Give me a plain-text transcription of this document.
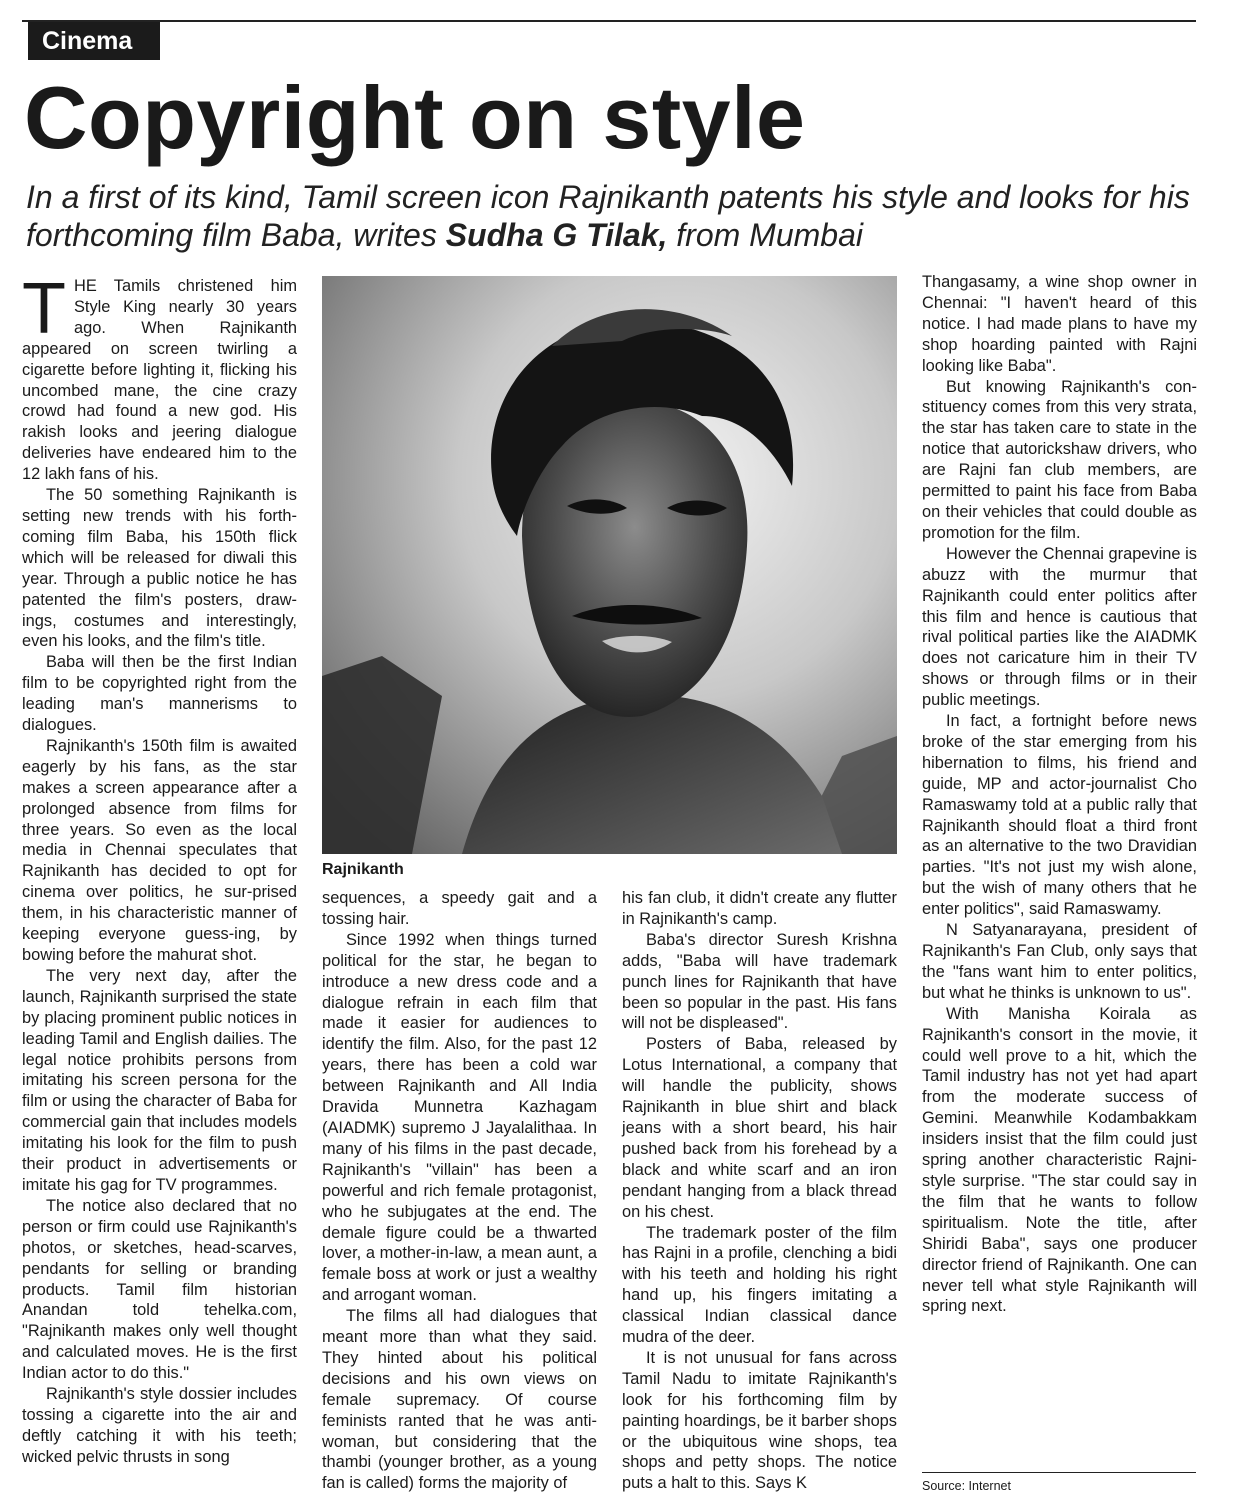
Cinema
Copyright on style

In a first of its kind, Tamil screen icon Rajnikanth patents his style and looks for his forthcoming film Baba, writes Sudha G Tilak, from Mumbai

THE Tamils christened him Style King nearly 30 years ago. When Rajnikanth appeared on screen twirling a cigarette before lighting it, flicking his uncombed mane, the cine crazy crowd had found a new god. His rakish looks and jeering dialogue deliveries have endeared him to the 12 lakh fans of his.

The 50 something Rajnikanth is setting new trends with his forth-coming film Baba, his 150th flick which will be released for diwali this year. Through a public notice he has patented the film's posters, draw-ings, costumes and interestingly, even his looks, and the film's title.

Baba will then be the first Indian film to be copyrighted right from the leading man's mannerisms to dialogues.

Rajnikanth's 150th film is awaited eagerly by his fans, as the star makes a screen appearance after a prolonged absence from films for three years. So even as the local media in Chennai speculates that Rajnikanth has decided to opt for cinema over politics, he sur-prised them, in his characteristic manner of keeping everyone guess-ing, by bowing before the mahurat shot.

The very next day, after the launch, Rajnikanth surprised the state by placing prominent public notices in leading Tamil and English dailies. The legal notice prohibits persons from imitating his screen persona for the film or using the character of Baba for commercial gain that includes models imitating his look for the film to push their product in advertisements or imitate his gag for TV programmes.

The notice also declared that no person or firm could use Rajnikanth's photos, or sketches, head-scarves, pendants for selling or branding products. Tamil film historian Anandan told tehelka.com, "Rajnikanth makes only well thought and calculated moves. He is the first Indian actor to do this."

Rajnikanth's style dossier includes tossing a cigarette into the air and deftly catching it with his teeth; wicked pelvic thrusts in song

Rajnikanth

sequences, a speedy gait and a tossing hair.

Since 1992 when things turned political for the star, he began to introduce a new dress code and a dialogue refrain in each film that made it easier for audiences to identify the film. Also, for the past 12 years, there has been a cold war between Rajnikanth and All India Dravida Munnetra Kazhagam (AIADMK) supremo J Jayalalithaa. In many of his films in the past decade, Rajnikanth's "villain" has been a powerful and rich female protagonist, who he subjugates at the end. The demale figure could be a thwarted lover, a mother-in-law, a mean aunt, a female boss at work or just a wealthy and arrogant woman.

The films all had dialogues that meant more than what they said. They hinted about his political decisions and his own views on female supremacy. Of course feminists ranted that he was anti-woman, but considering that the thambi (younger brother, as a young fan is called) forms the majority of

his fan club, it didn't create any flutter in Rajnikanth's camp.

Baba's director Suresh Krishna adds, "Baba will have trademark punch lines for Rajnikanth that have been so popular in the past. His fans will not be displeased".

Posters of Baba, released by Lotus International, a company that will handle the publicity, shows Rajnikanth in blue shirt and black jeans with a short beard, his hair pushed back from his forehead by a black and white scarf and an iron pendant hanging from a black thread on his chest.

The trademark poster of the film has Rajni in a profile, clenching a bidi with his teeth and holding his right hand up, his fingers imitating a classical Indian classical dance mudra of the deer.

It is not unusual for fans across Tamil Nadu to imitate Rajnikanth's look for his forthcoming film by painting hoardings, be it barber shops or the ubiquitous wine shops, tea shops and petty shops. The notice puts a halt to this. Says K

Thangasamy, a wine shop owner in Chennai: "I haven't heard of this notice. I had made plans to have my shop hoarding painted with Rajni looking like Baba".

But knowing Rajnikanth's con-stituency comes from this very strata, the star has taken care to state in the notice that autorickshaw drivers, who are Rajni fan club members, are permitted to paint his face from Baba on their vehicles that could double as promotion for the film.

However the Chennai grapevine is abuzz with the murmur that Rajnikanth could enter politics after this film and hence is cautious that rival political parties like the AIADMK does not caricature him in their TV shows or through films or in their public meetings.

In fact, a fortnight before news broke of the star emerging from his hibernation to films, his friend and guide, MP and actor-journalist Cho Ramaswamy told at a public rally that Rajnikanth should float a third front as an alternative to the two Dravidian parties. "It's not just my wish alone, but the wish of many others that he enter politics", said Ramaswamy.

N Satyanarayana, president of Rajnikanth's Fan Club, only says that the "fans want him to enter politics, but what he thinks is unknown to us".

With Manisha Koirala as Rajnikanth's consort in the movie, it could well prove to a hit, which the Tamil industry has not yet had apart from the moderate success of Gemini. Meanwhile Kodambakkam insiders insist that the film could just spring another characteristic Rajni-style surprise. "The star could say in the film that he wants to follow spiritualism. Note the title, after Shiridi Baba", says one producer director friend of Rajnikanth. One can never tell what style Rajnikanth will spring next.

Source: Internet
